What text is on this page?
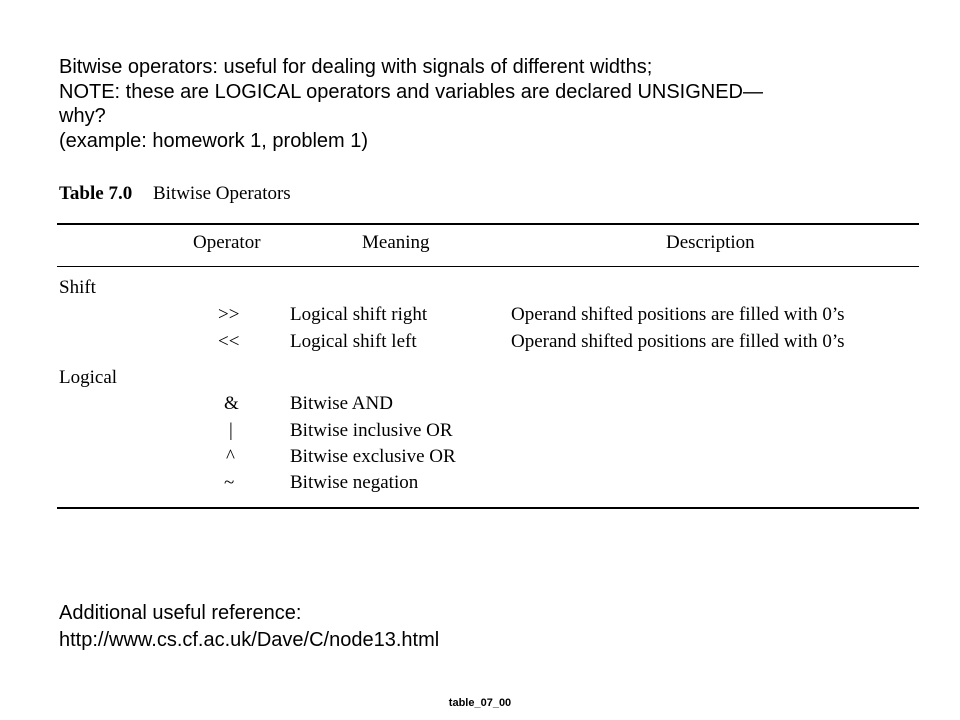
Bitwise operators: useful for dealing with signals of different widths;
NOTE: these are LOGICAL operators and variables are declared UNSIGNED—
why?
(example: homework 1, problem 1)
Table 7.0 Bitwise Operators
Operator	Meaning	Description
Shift
>>	Logical shift right	Operand shifted positions are filled with 0’s
<<	Logical shift left	Operand shifted positions are filled with 0’s
Logical
&	Bitwise AND
|	Bitwise inclusive OR
^	Bitwise exclusive OR
~	Bitwise negation
Additional useful reference:
http://www.cs.cf.ac.uk/Dave/C/node13.html
table_07_00
